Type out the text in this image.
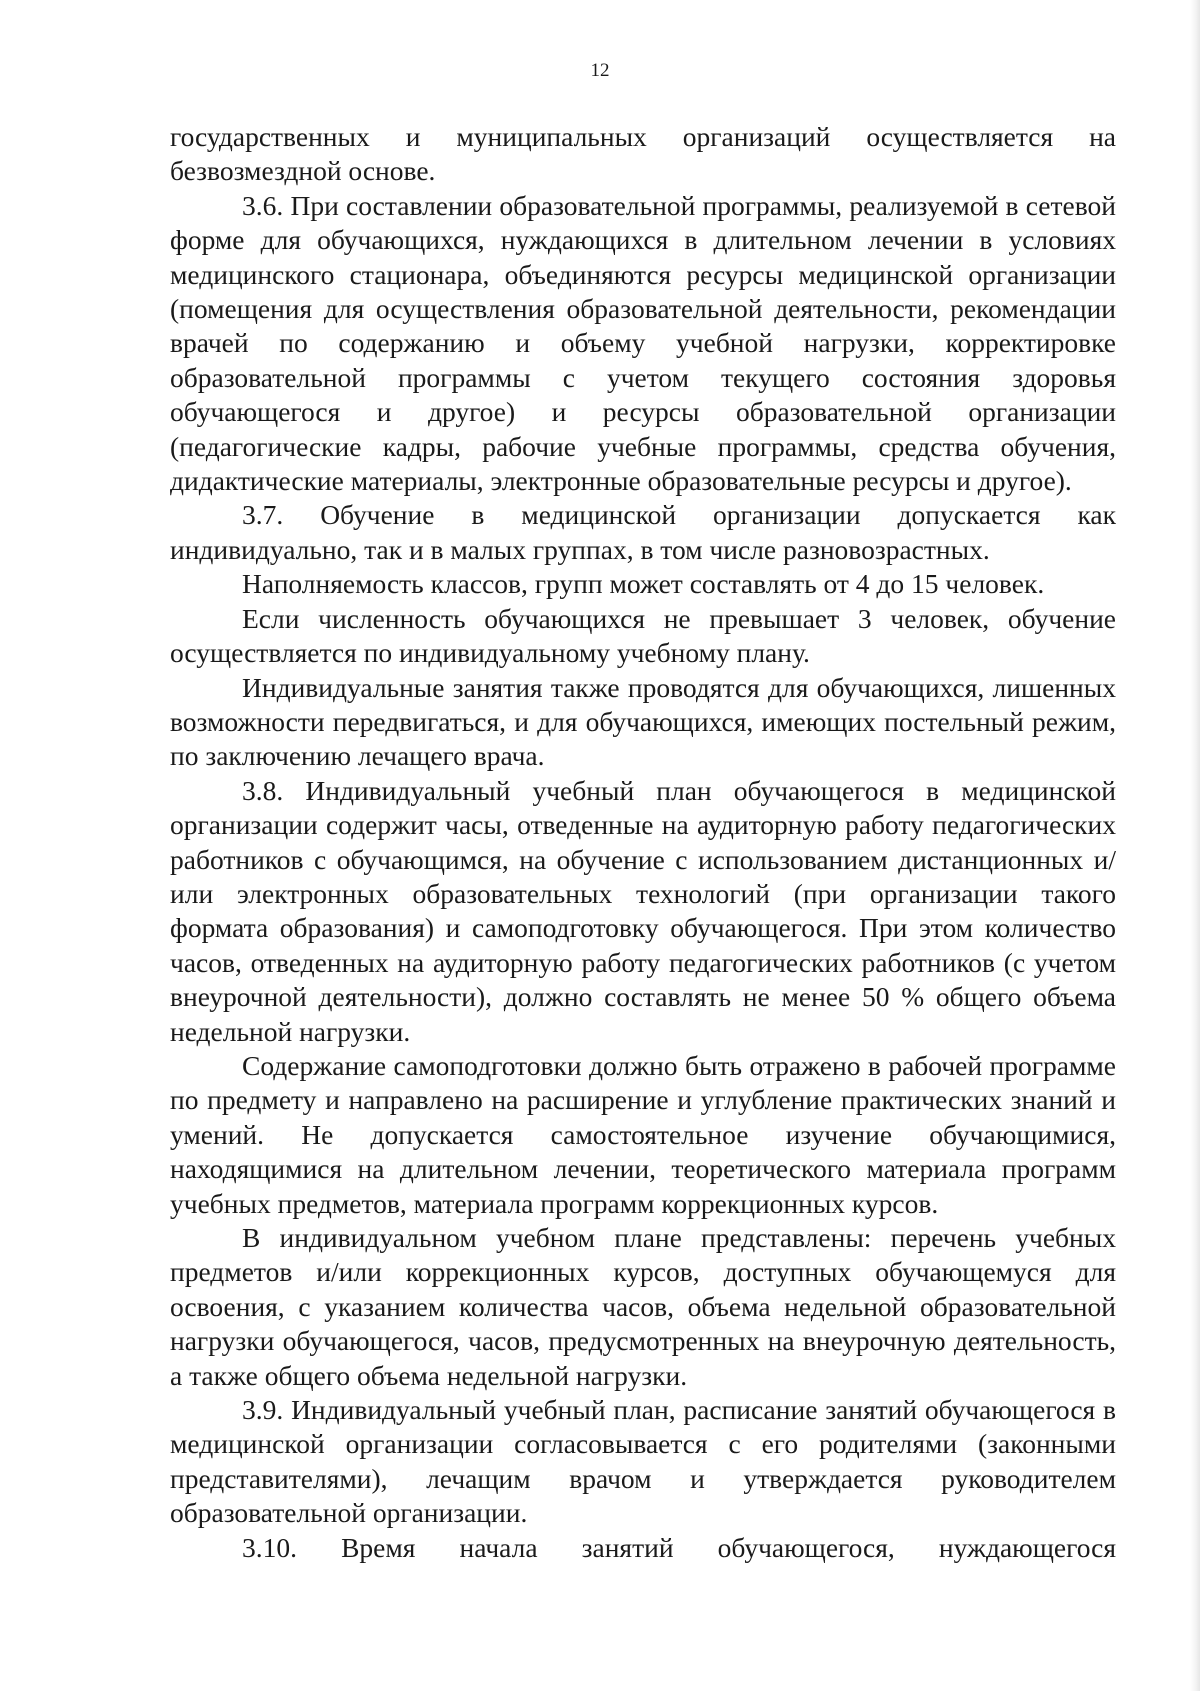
12

государственных и муниципальных организаций осуществляется на безвозмездной основе.

3.6. При составлении образовательной программы, реализуемой в сетевой форме для обучающихся, нуждающихся в длительном лечении в условиях медицинского стационара, объединяются ресурсы медицинской организации (помещения для осуществления образовательной деятельности, рекомендации врачей по содержанию и объему учебной нагрузки, корректировке образовательной программы с учетом текущего состояния здоровья обучающегося и другое) и ресурсы образовательной организации (педагогические кадры, рабочие учебные программы, средства обучения, дидактические материалы, электронные образовательные ресурсы и другое).

3.7. Обучение в медицинской организации допускается как индивидуально, так и в малых группах, в том числе разновозрастных.

Наполняемость классов, групп может составлять от 4 до 15 человек.

Если численность обучающихся не превышает 3 человек, обучение осуществляется по индивидуальному учебному плану.

Индивидуальные занятия также проводятся для обучающихся, лишенных возможности передвигаться, и для обучающихся, имеющих постельный режим, по заключению лечащего врача.

3.8. Индивидуальный учебный план обучающегося в медицинской организации содержит часы, отведенные на аудиторную работу педагогических работников с обучающимся, на обучение с использованием дистанционных и/или электронных образовательных технологий (при организации такого формата образования) и самоподготовку обучающегося. При этом количество часов, отведенных на аудиторную работу педагогических работников (с учетом внеурочной деятельности), должно составлять не менее 50 % общего объема недельной нагрузки.

Содержание самоподготовки должно быть отражено в рабочей программе по предмету и направлено на расширение и углубление практических знаний и умений. Не допускается самостоятельное изучение обучающимися, находящимися на длительном лечении, теоретического материала программ учебных предметов, материала программ коррекционных курсов.

В индивидуальном учебном плане представлены: перечень учебных предметов и/или коррекционных курсов, доступных обучающемуся для освоения, с указанием количества часов, объема недельной образовательной нагрузки обучающегося, часов, предусмотренных на внеурочную деятельность, а также общего объема недельной нагрузки.

3.9. Индивидуальный учебный план, расписание занятий обучающегося в медицинской организации согласовывается с его родителями (законными представителями), лечащим врачом и утверждается руководителем образовательной организации.

3.10. Время начала занятий обучающегося, нуждающегося
